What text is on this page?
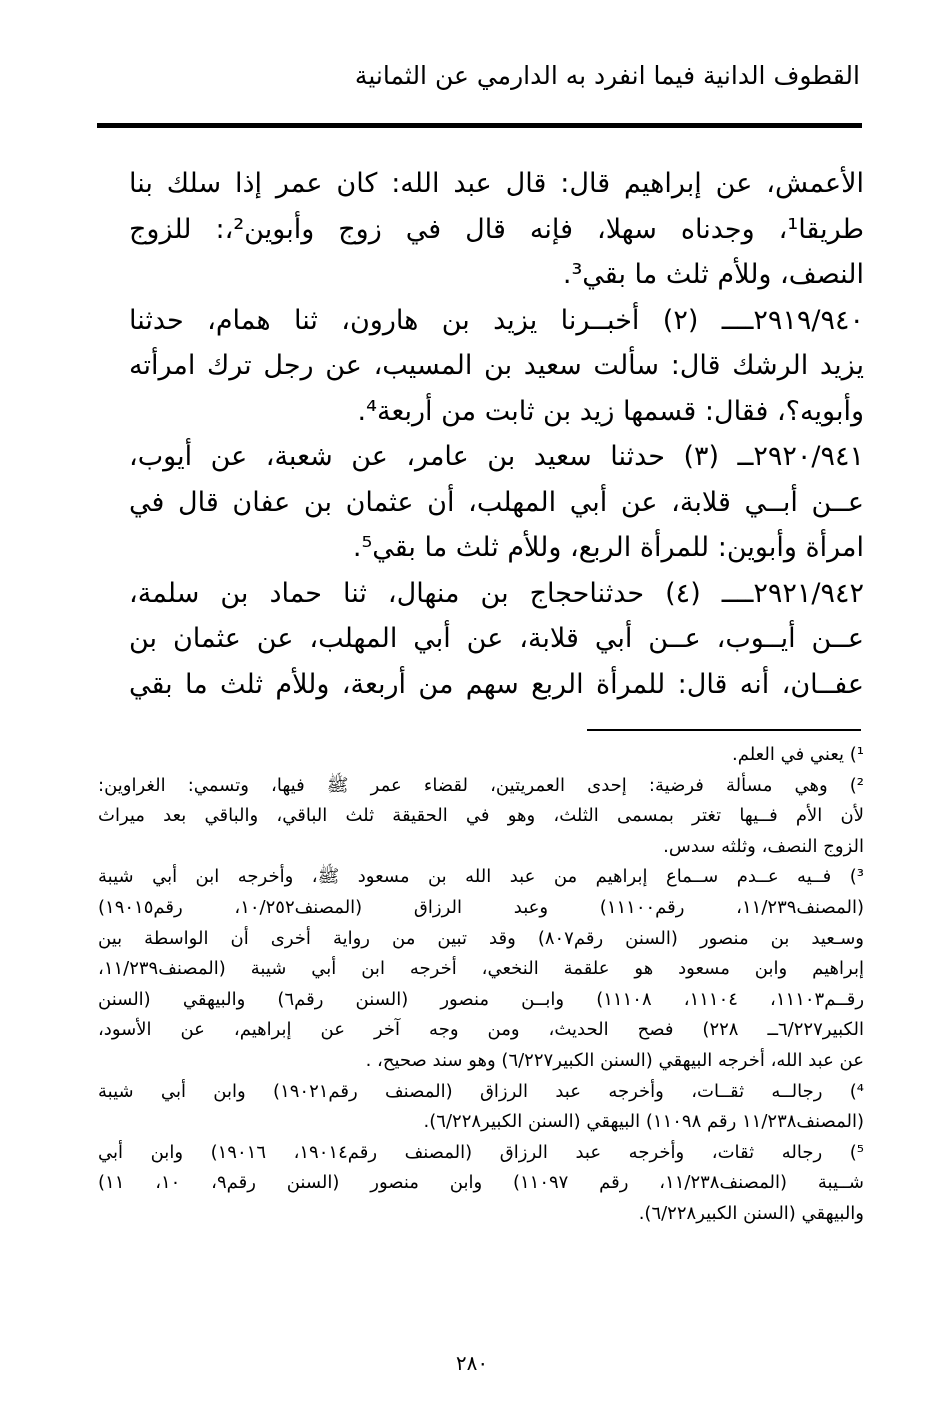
القطوف الدانية فيما انفرد به الدارمي عن الثمانية
الأعمش، عن إبراهيم قال: قال عبد الله: كان عمر إذا سلك بنا
طريقا¹، وجدناه سهلا، فإنه قال في زوج وأبوين²،: للزوج
النصف، وللأم ثلث ما بقي³.
٢٩١٩/٩٤٠ــــ (٢) أخبــرنا يزيد بن هارون، ثنا همام، حدثنا
يزيد الرشك قال: سألت سعيد بن المسيب، عن رجل ترك امرأته
وأبويه؟، فقال: قسمها زيد بن ثابت من أربعة⁴.
٢٩٢٠/٩٤١ــ (٣) حدثنا سعيد بن عامر، عن شعبة، عن أيوب،
عــن أبــي قلابة، عن أبي المهلب، أن عثمان بن عفان قال في
امرأة وأبوين: للمرأة الربع، وللأم ثلث ما بقي⁵.
٢٩٢١/٩٤٢ــــ (٤) حدثناحجاج بن منهال، ثنا حماد بن سلمة،
عــن أيــوب، عــن أبي قلابة، عن أبي المهلب، عن عثمان بن
عفــان، أنه قال: للمرأة الربع سهم من أربعة، وللأم ثلث ما بقي
¹) يعني في العلم.
²) وهي مسألة فرضية: إحدى العمريتين، لقضاء عمر ﷺ فيها، وتسمي: الغراوين:
لأن الأم فــيها تغتر بمسمى الثلث، وهو في الحقيقة ثلث الباقي، والباقي بعد ميراث
الزوج النصف، وثلثه سدس.
³) فــيه عــدم ســماع إبراهيم من عبد الله بن مسعود ﷺ، وأخرجه ابن أبي شيبة
(المصنف١١/٢٣٩، رقم١١١٠٠) وعبد الرزاق (المصنف١٠/٢٥٢، رقم١٩٠١٥)
وسـعيد بن منصور (السنن رقم٨٠٧) وقد تبين من رواية أخرى أن الواسطة بين
إبراهيم وابن مسعود هو علقمة النخعي، أخرجه ابن أبي شيبة (المصنف١١/٢٣٩،
رقــم١١١٠٣، ١١١٠٤، ١١١٠٨) وابــن منصور (السنن رقم٦) والبيهقي (السنن
الكبير٦/٢٢٧ــ ٢٢٨) فصح الحديث، ومن وجه آخر عن إبراهيم، عن الأسود،
عن عبد الله، أخرجه البيهقي (السنن الكبير٦/٢٢٧) وهو سند صحيح، .
⁴) رجالــه ثقــات، وأخرجه عبد الرزاق (المصنف رقم١٩٠٢١) وابن أبي شيبة
(المصنف١١/٢٣٨ رقم ١١٠٩٨) البيهقي (السنن الكبير٦/٢٢٨).
⁵) رجاله ثقات، وأخرجه عبد الرزاق (المصنف رقم١٩٠١٤، ١٩٠١٦) وابن أبي
شــيبة (المصنف١١/٢٣٨، رقم ١١٠٩٧) وابن منصور (السنن رقم٩، ١٠، ١١)
والبيهقي (السنن الكبير٦/٢٢٨).
٢٨٠
